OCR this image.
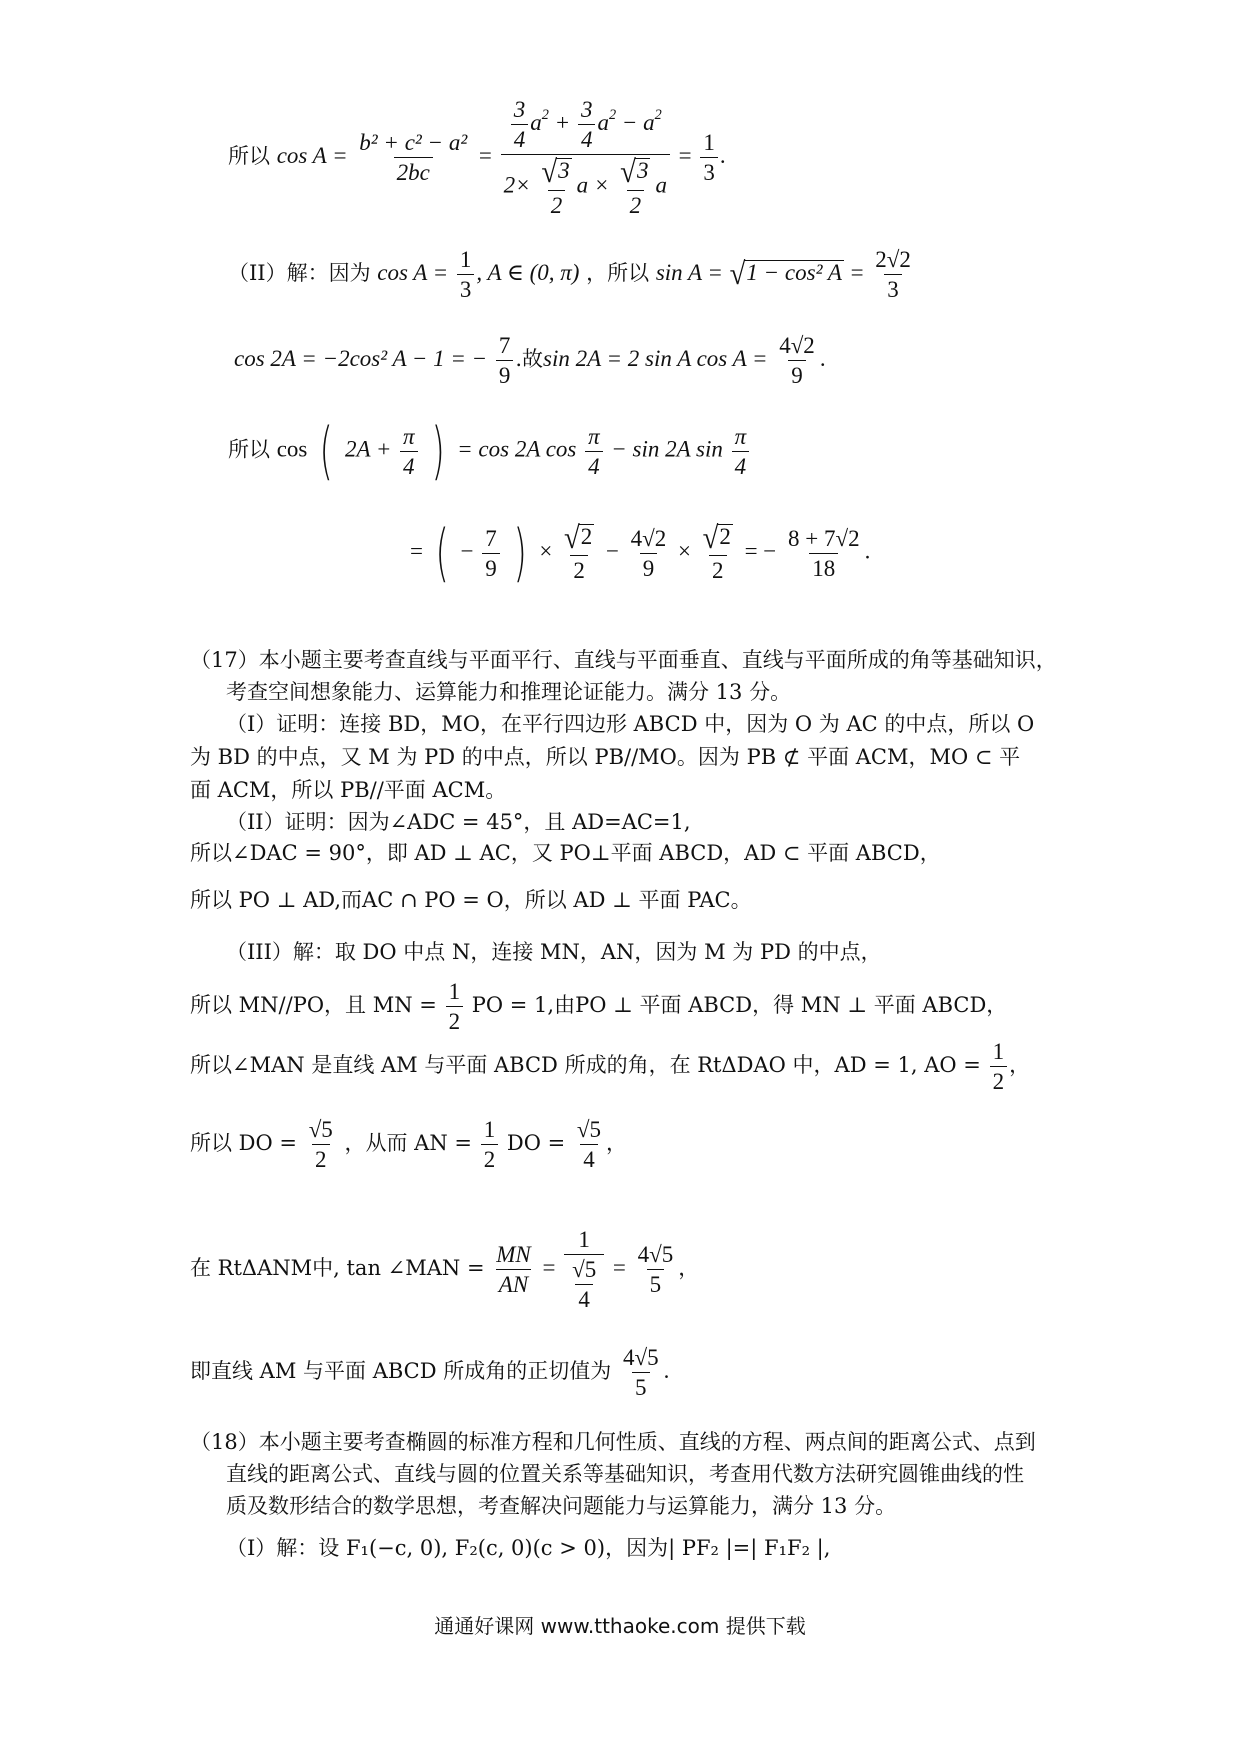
所以 $\cos A = \frac{\text{b² + c² − a²}}{2bc} = \frac{\frac{3}{4} a^2 + \frac{3}{4} a^2 - a^2}{2\times \frac{√ 3}{2} a \times \frac{√ 3}{2} a} = \frac{1}{3}$ .
（II）解：因为 $\cos A = \frac{1}{3}$ , A ∈ (0, π) ，所以 sin A = √ 1 − cos² $A = \frac{2√2}{3}$
cos 2A = −2cos² A − 1 = − $\frac{7}{9}$ .故sin 2A = 2 sin A $\cos A = \frac{4√2}{9}$ .
所以 cos ( $2A + \frac{\pi}{4}$ ) = cos 2A $\cos \frac{\pi}{4} - \sin 2A$ $\sin \frac{\pi}{4}$
= ( − $\frac{7}{9}$ ) × $\frac{√ 2}{2} - \frac{4√2}{9} \times \frac{√ 2}{2}$ = − $\frac{8 + 7√2}{18}$ .
（17）本小题主要考查直线与平面平行、直线与平面垂直、直线与平面所成的角等基础知识，
考查空间想象能力、运算能力和推理论证能力。满分 13 分。
（I）证明：连接 BD，MO，在平行四边形 ABCD 中，因为 O 为 AC 的中点，所以 O
为 BD 的中点，又 M 为 PD 的中点，所以 PB//MO。因为 PB ⊄ 平面 ACM，MO ⊂ 平
面 ACM，所以 PB//平面 ACM。
（II）证明：因为∠ADC = 45°，且 AD=AC=1,
所以∠DAC = 90°，即 AD ⊥ AC，又 PO⊥平面 ABCD，AD ⊂ 平面 ABCD，
所以 PO ⊥ AD,而AC ∩ PO = O，所以 AD ⊥ 平面 PAC。
（III）解：取 DO 中点 N，连接 MN，AN，因为 M 为 PD 的中点，
所以 MN//PO，且 MN = $\frac{1}{2}$ PO = 1,由PO ⊥ 平面 ABCD，得 MN ⊥ 平面 ABCD，
所以∠MAN 是直线 AM 与平面 ABCD 所成的角，在 RtΔDAO 中，AD = 1, AO = $\frac{1}{2}$ ，
所以 DO = $\frac{√5}{2}$ ，从而 AN = $\frac{1}{2}$ DO = $\frac{√5}{4}$ ，
在 RtΔANM中, tan ∠MAN = $\frac{MN}{AN} = \frac{1}{\frac{√5}{4}} = \frac{4√5}{5}$ ，
即直线 AM 与平面 ABCD 所成角的正切值为 $\frac{4√5}{5}$ .
（18）本小题主要考查椭圆的标准方程和几何性质、直线的方程、两点间的距离公式、点到
直线的距离公式、直线与圆的位置关系等基础知识，考查用代数方法研究圆锥曲线的性
质及数形结合的数学思想，考查解决问题能力与运算能力，满分 13 分。
（I）解：设 F₁(−c, 0), F₂(c, 0)(c > 0)，因为| PF₂ |=| F₁F₂ |,
通通好课网 www.tthaoke.com 提供下载
